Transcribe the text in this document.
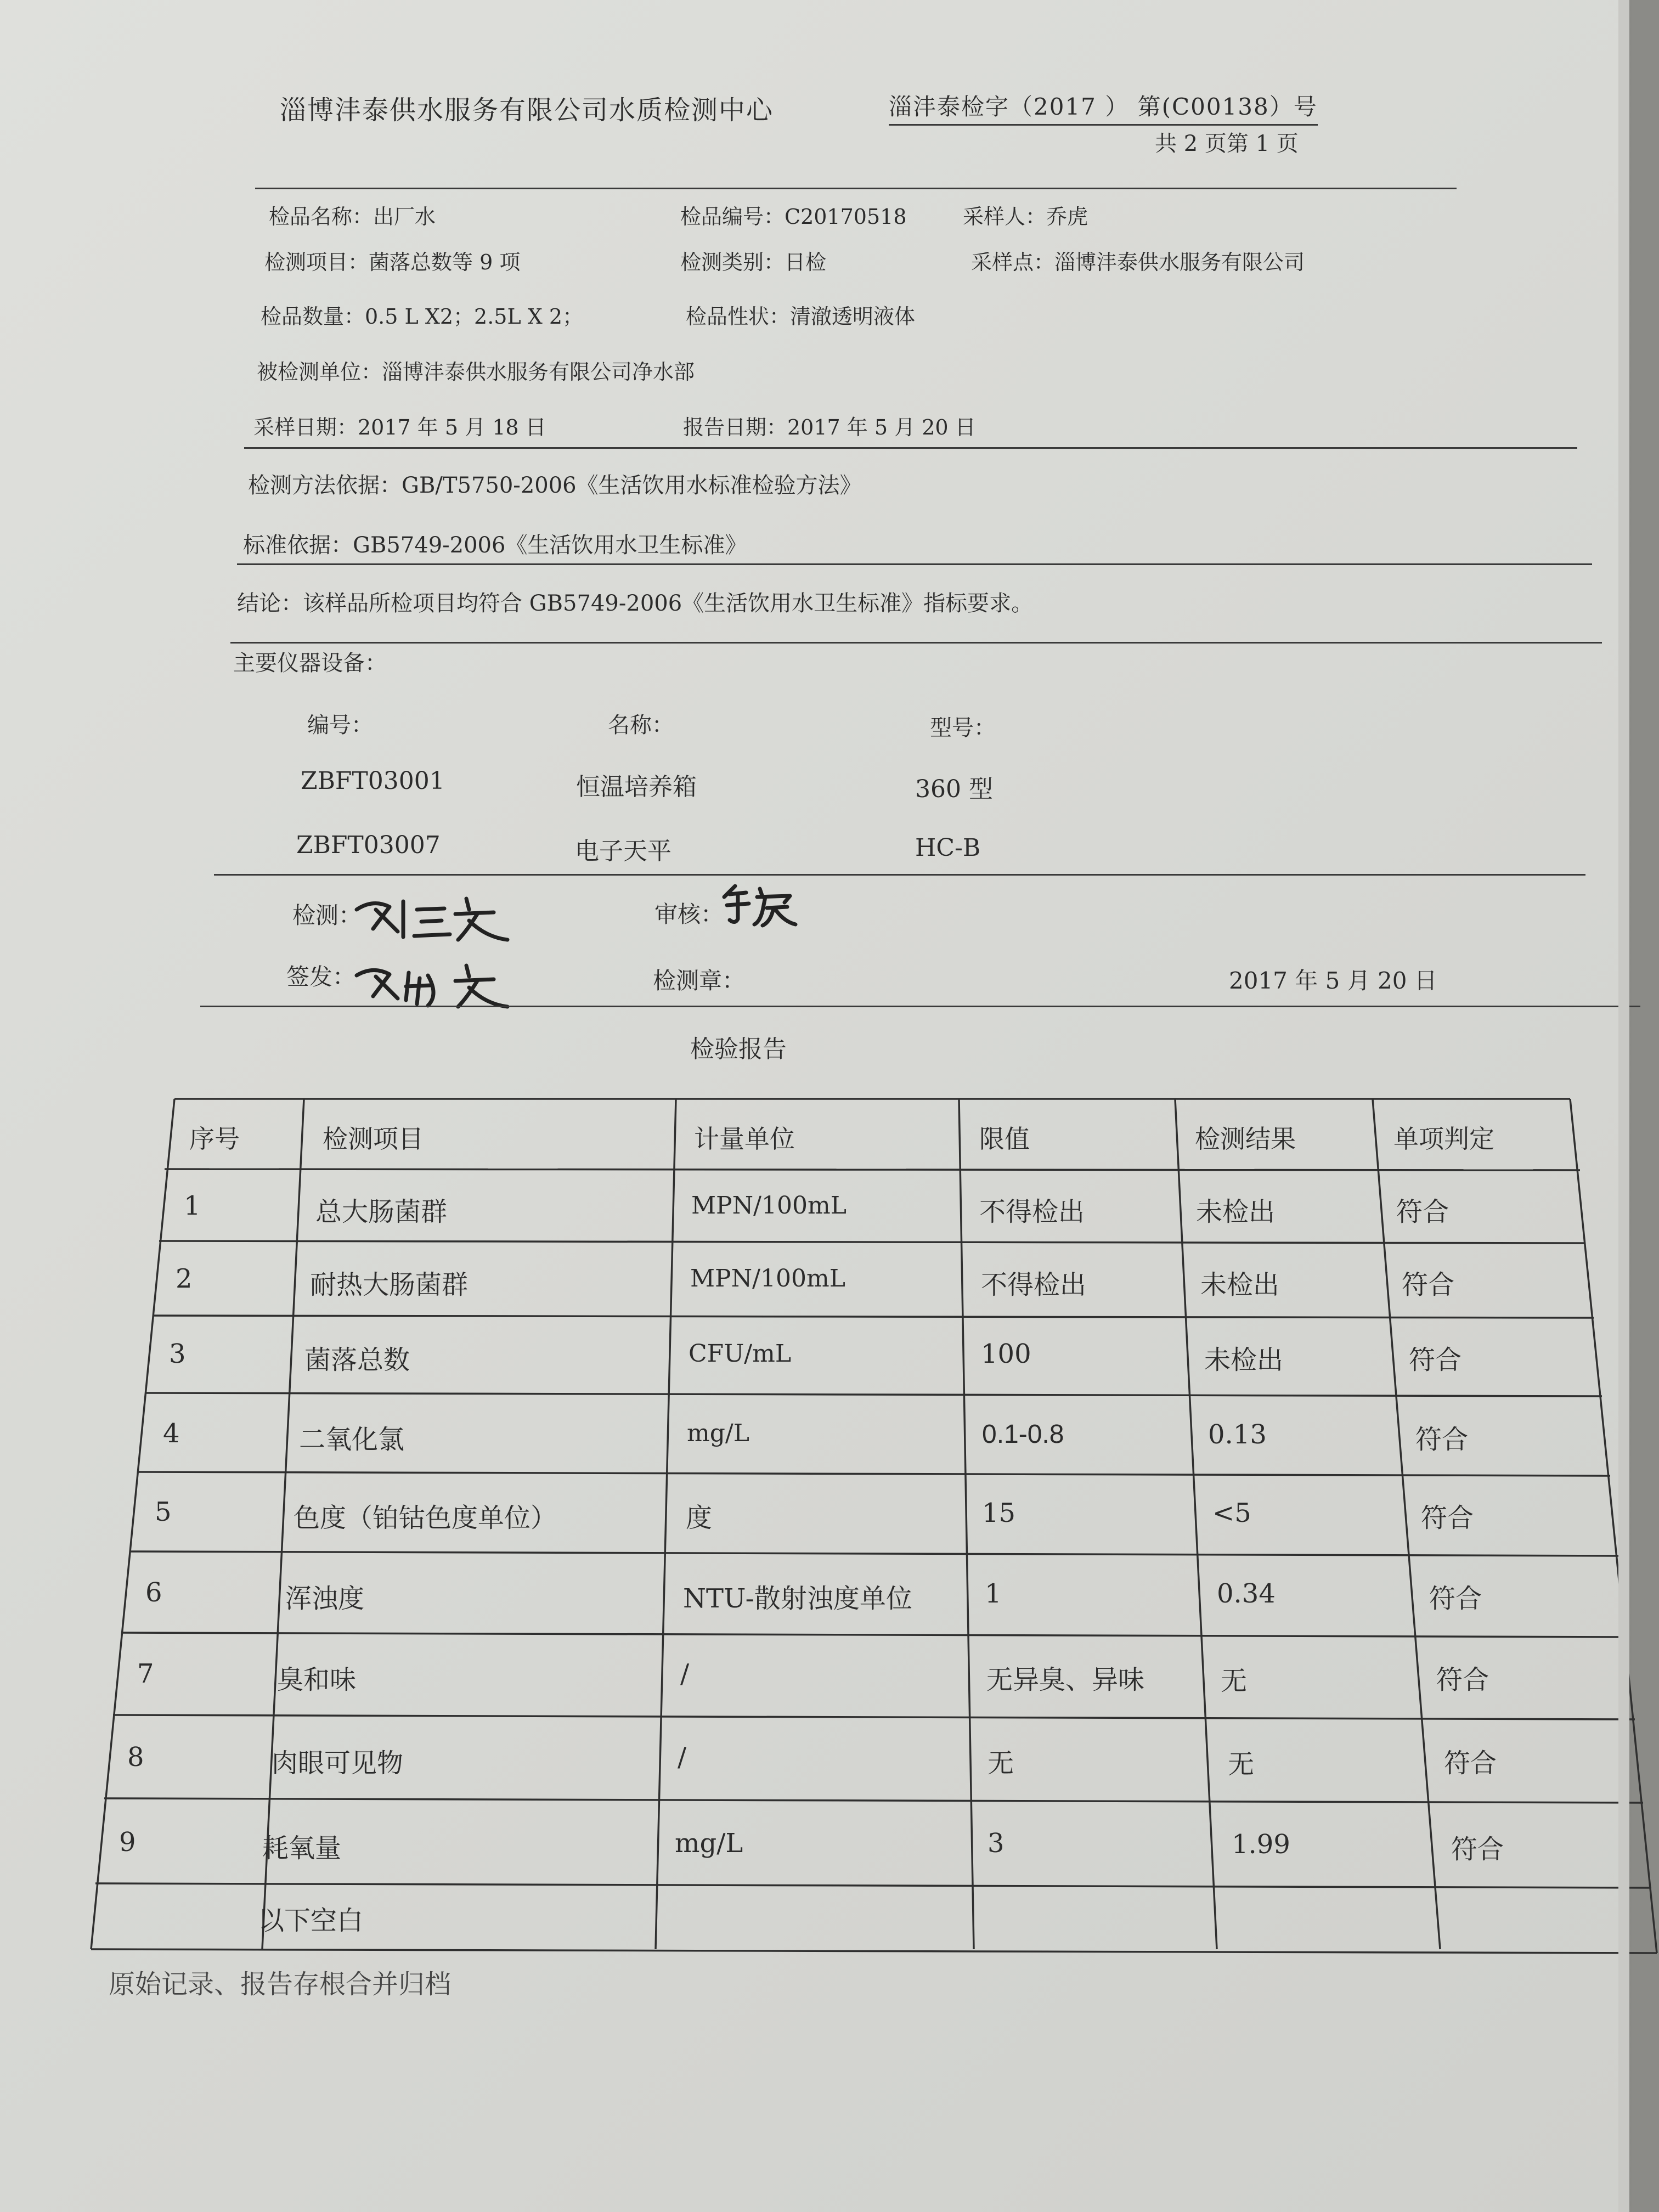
淄博沣泰供水服务有限公司水质检测中心	淄沣泰检字（2017 ） 第(C00138）号
共 2 页第 1 页
检品名称：出厂水	检品编号：C20170518	采样人：乔虎
检测项目：菌落总数等 9 项	检测类别：日检	采样点：淄博沣泰供水服务有限公司
检品数量：0.5 L X2；2.5L X 2；	检品性状：清澈透明液体
被检测单位：淄博沣泰供水服务有限公司净水部
采样日期：2017 年 5 月 18 日	报告日期：2017 年 5 月 20 日
检测方法依据：GB/T5750-2006《生活饮用水标准检验方法》
标准依据：GB5749-2006《生活饮用水卫生标准》
结论：该样品所检项目均符合 GB5749-2006《生活饮用水卫生标准》指标要求。
主要仪器设备：
编号：	名称：	型号：
ZBFT03001	恒温培养箱	360 型
ZBFT03007	电子天平	HC-B
检测：	审核：
签发：	检测章：	2017 年 5 月 20 日
检验报告
序号	检测项目	计量单位	限值	检测结果	单项判定
1	总大肠菌群	MPN/100mL	不得检出	未检出	符合
2	耐热大肠菌群	MPN/100mL	不得检出	未检出	符合
3	菌落总数	CFU/mL	100	未检出	符合
4	二氧化氯	mg/L	0.1-0.8	0.13	符合
5	色度（铂钴色度单位）	度	15	<5	符合
6	浑浊度	NTU-散射浊度单位	1	0.34	符合
7	臭和味	/	无异臭、异味	无	符合
8	肉眼可见物	/	无	无	符合
9	耗氧量	mg/L	3	1.99	符合
以下空白
原始记录、报告存根合并归档
